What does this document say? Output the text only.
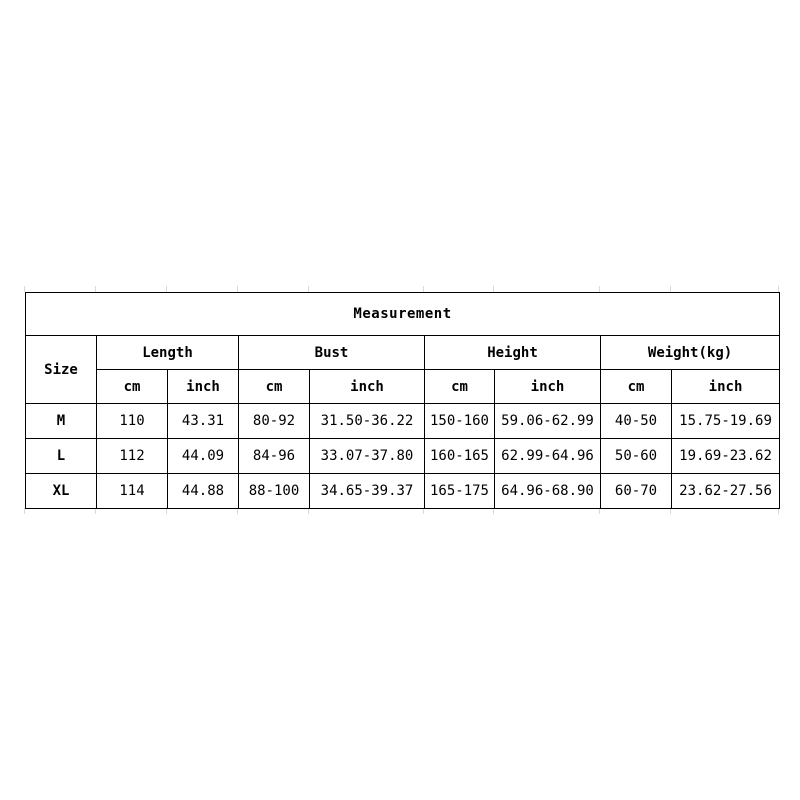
Measurement								
Size	Length		Bust		Height		Weight(kg)	
	cm	inch	cm	inch	cm	inch	cm	inch
M	110	43.31	80-92	31.50-36.22	150-160	59.06-62.99	40-50	15.75-19.69
L	112	44.09	84-96	33.07-37.80	160-165	62.99-64.96	50-60	19.69-23.62
XL	114	44.88	88-100	34.65-39.37	165-175	64.96-68.90	60-70	23.62-27.56
